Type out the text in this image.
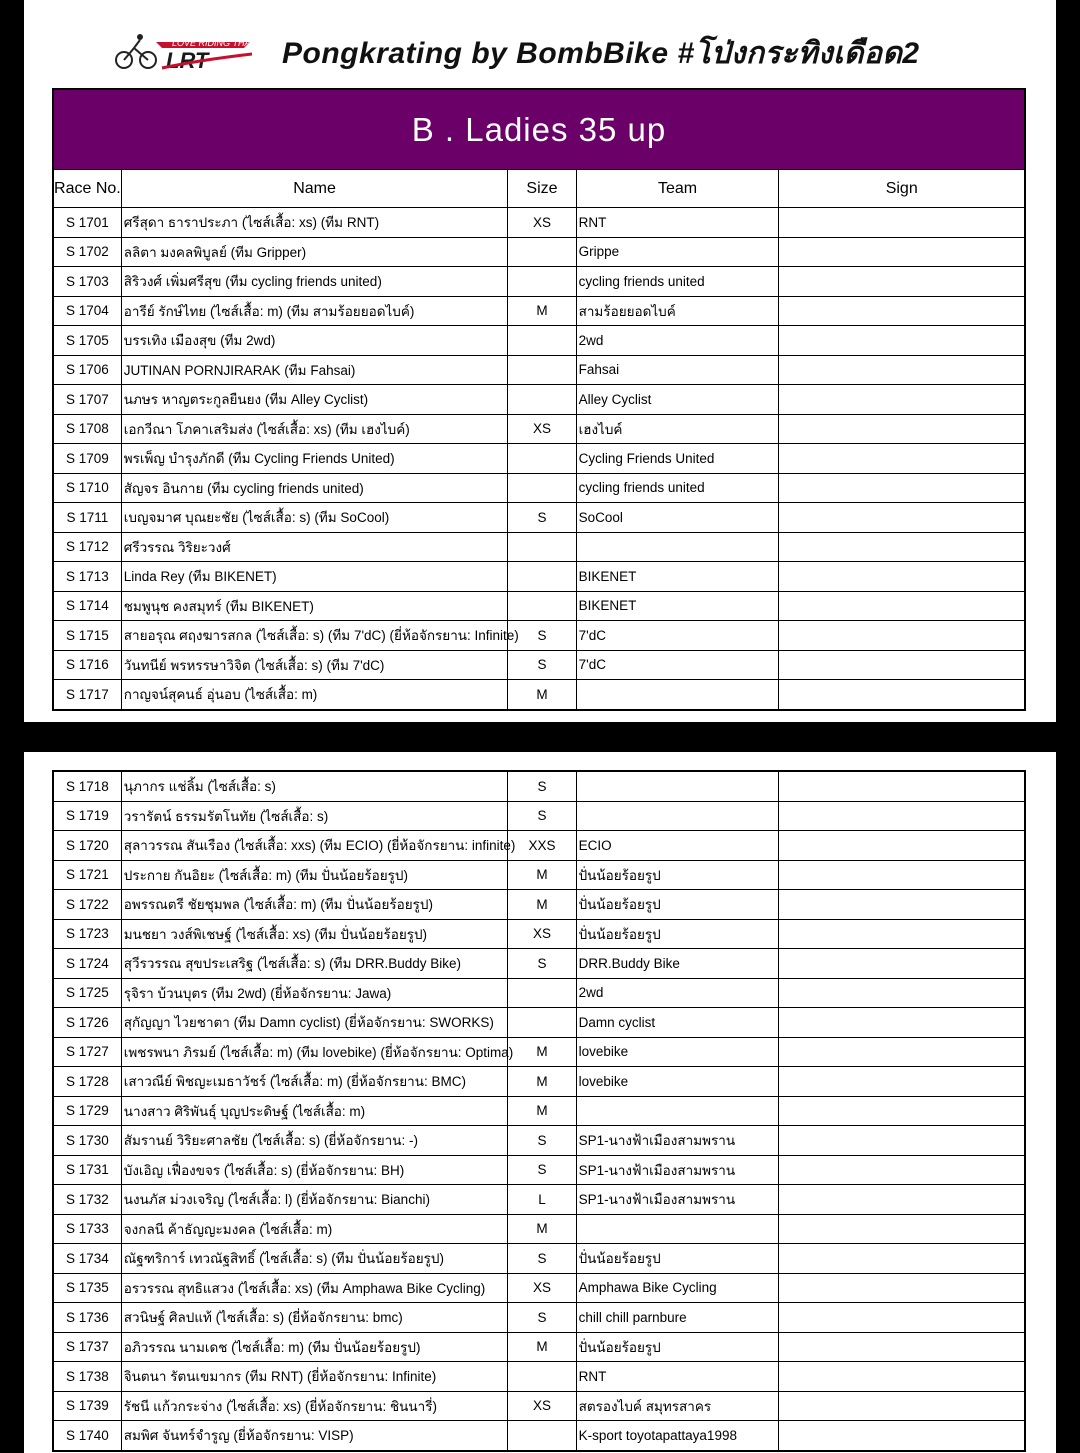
LOVE RIDING THAILAND
LRT Pongkrating by BombBike #โป่งกระทิงเดือด2
B . Ladies 35 up				
Race No.	Name	Size	Team	Sign
S 1701	ศรีสุดา ธาราประภา (ไซส์เสื้อ: xs) (ทีม RNT)	XS	RNT	
S 1702	ลลิตา มงคลพิบูลย์ (ทีม Gripper)		Grippe	
S 1703	สิริวงศ์ เพิ่มศรีสุข (ทีม cycling friends united)		cycling friends united	
S 1704	อารีย์ รักษ์ไทย (ไซส์เสื้อ: m) (ทีม สามร้อยยอดไบค์)	M	สามร้อยยอดไบค์	
S 1705	บรรเทิง เมืองสุข (ทีม 2wd)		2wd	
S 1706	JUTINAN PORNJIRARAK (ทีม Fahsai)		Fahsai	
S 1707	นภษร หาญตระกูลยืนยง (ทีม Alley Cyclist)		Alley Cyclist	
S 1708	เอกวีณา โภคาเสริมส่ง (ไซส์เสื้อ: xs) (ทีม เฮงไบค์)	XS	เฮงไบค์	
S 1709	พรเพ็ญ บำรุงภักดี (ทีม Cycling Friends United)		Cycling Friends United	
S 1710	สัญจร อินกาย (ทีม cycling friends united)		cycling friends united	
S 1711	เบญจมาศ บุณยะชัย (ไซส์เสื้อ: s) (ทีม SoCool)	S	SoCool	
S 1712	ศรีวรรณ วิริยะวงศ์			
S 1713	Linda Rey (ทีม BIKENET)		BIKENET	
S 1714	ชมพูนุช คงสมุทร์ (ทีม BIKENET)		BIKENET	
S 1715	สายอรุณ ศฤงฆารสกล (ไซส์เสื้อ: s) (ทีม 7'dC) (ยี่ห้อจักรยาน: Infinite)	S	7'dC	
S 1716	วันทนีย์ พรหรรษาวิจิต (ไซส์เสื้อ: s) (ทีม 7'dC)	S	7'dC	
S 1717	กาญจน์สุคนธ์ อุ่นอบ (ไซส์เสื้อ: m)	M		
S 1718	นุภากร แช่ลิ้ม (ไซส์เสื้อ: s)	S		
S 1719	วรารัตน์ ธรรมรัตโนทัย (ไซส์เสื้อ: s)	S		
S 1720	สุลาวรรณ สันเรือง (ไซส์เสื้อ: xxs) (ทีม ECIO) (ยี่ห้อจักรยาน: infinite)	XXS	ECIO	
S 1721	ประกาย กันอิยะ (ไซส์เสื้อ: m) (ทีม ปั่นน้อยร้อยรูป)	M	ปั่นน้อยร้อยรูป	
S 1722	อพรรณตรี ชัยชุมพล (ไซส์เสื้อ: m) (ทีม ปั่นน้อยร้อยรูป)	M	ปั่นน้อยร้อยรูป	
S 1723	มนชยา วงส์พิเชษฐ์ (ไซส์เสื้อ: xs) (ทีม ปั่นน้อยร้อยรูป)	XS	ปั่นน้อยร้อยรูป	
S 1724	สุวีรวรรณ สุขประเสริฐ (ไซส์เสื้อ: s) (ทีม DRR.Buddy Bike)	S	DRR.Buddy Bike	
S 1725	รุจิรา บ้วนบุตร (ทีม 2wd) (ยี่ห้อจักรยาน: Jawa)		2wd	
S 1726	สุกัญญา ไวยชาตา (ทีม Damn cyclist) (ยี่ห้อจักรยาน: SWORKS)		Damn cyclist	
S 1727	เพชรพนา ภิรมย์ (ไซส์เสื้อ: m) (ทีม lovebike) (ยี่ห้อจักรยาน: Optima)	M	lovebike	
S 1728	เสาวณีย์ พิชญะเมธาวัชร์ (ไซส์เสื้อ: m) (ยี่ห้อจักรยาน: BMC)	M	lovebike	
S 1729	นางสาว ศิริพันธุ์ บุญประดิษฐ์ (ไซส์เสื้อ: m)	M		
S 1730	สัมรานย์ วิริยะศาลชัย (ไซส์เสื้อ: s) (ยี่ห้อจักรยาน: -)	S	SP1-นางฟ้าเมืองสามพราน	
S 1731	บังเอิญ เฟื่องขจร (ไซส์เสื้อ: s) (ยี่ห้อจักรยาน: BH)	S	SP1-นางฟ้าเมืองสามพราน	
S 1732	นงนภัส ม่วงเจริญ (ไซส์เสื้อ: l) (ยี่ห้อจักรยาน: Bianchi)	L	SP1-นางฟ้าเมืองสามพราน	
S 1733	จงกลนี ค้าธัญญะมงคล (ไซส์เสื้อ: m)	M		
S 1734	ณัฐฑริการ์ เทวณัฐสิทธิ์ (ไซส์เสื้อ: s) (ทีม ปั่นน้อยร้อยรูป)	S	ปั่นน้อยร้อยรูป	
S 1735	อรวรรณ สุทธิแสวง (ไซส์เสื้อ: xs) (ทีม Amphawa Bike Cycling)	XS	Amphawa Bike Cycling	
S 1736	สวนิษฐ์ ศิลปแท้ (ไซส์เสื้อ: s) (ยี่ห้อจักรยาน: bmc)	S	chill chill parnbure	
S 1737	อภิวรรณ นามเดช (ไซส์เสื้อ: m) (ทีม ปั่นน้อยร้อยรูป)	M	ปั่นน้อยร้อยรูป	
S 1738	จินตนา รัตนเขมากร (ทีม RNT) (ยี่ห้อจักรยาน: Infinite)		RNT	
S 1739	รัชนี แก้วกระจ่าง (ไซส์เสื้อ: xs) (ยี่ห้อจักรยาน: ชินนารี่)	XS	สตรองไบค์ สมุทรสาคร	
S 1740	สมพิศ จันทร์จำรูญ (ยี่ห้อจักรยาน: VISP)		K-sport toyotapattaya1998	
